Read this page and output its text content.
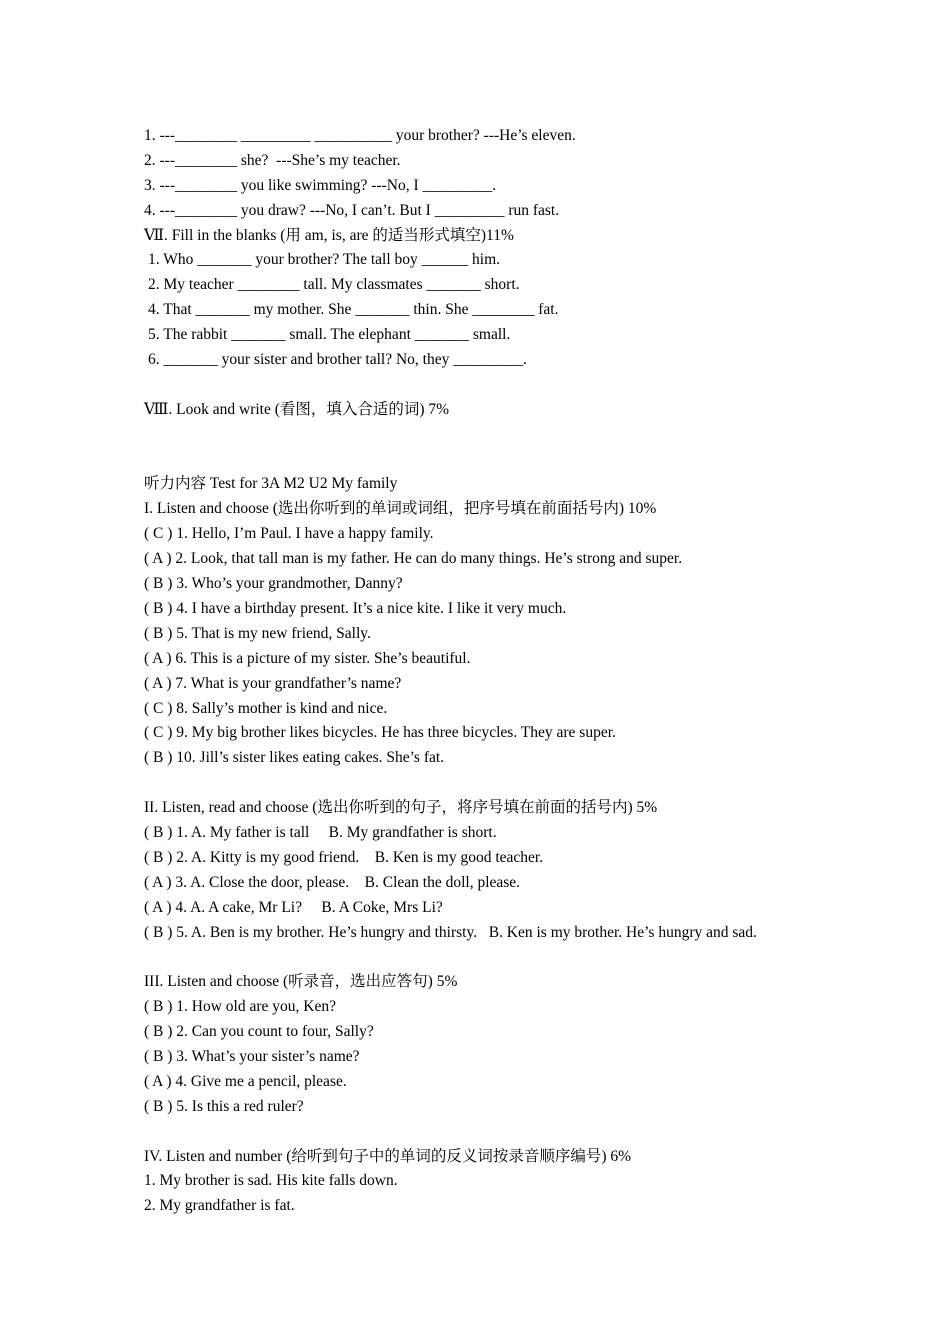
1. ---________ _________ __________ your brother? ---He’s eleven.
2. ---________ she?  ---She’s my teacher.
3. ---________ you like swimming? ---No, I _________.
4. ---________ you draw? ---No, I can’t. But I _________ run fast.
Ⅶ. Fill in the blanks (用 am, is, are 的适当形式填空)11%
1. Who _______ your brother? The tall boy ______ him.
2. My teacher ________ tall. My classmates _______ short.
4. That _______ my mother. She _______ thin. She ________ fat.
5. The rabbit _______ small. The elephant _______ small.
6. _______ your sister and brother tall? No, they _________.
Ⅷ. Look and write (看图，填入合适的词) 7%
听力内容 Test for 3A M2 U2 My family
I. Listen and choose (选出你听到的单词或词组，把序号填在前面括号内) 10%
( C ) 1. Hello, I’m Paul. I have a happy family.
( A ) 2. Look, that tall man is my father. He can do many things. He’s strong and super.
( B ) 3. Who’s your grandmother, Danny?
( B ) 4. I have a birthday present. It’s a nice kite. I like it very much.
( B ) 5. That is my new friend, Sally.
( A ) 6. This is a picture of my sister. She’s beautiful.
( A ) 7. What is your grandfather’s name?
( C ) 8. Sally’s mother is kind and nice.
( C ) 9. My big brother likes bicycles. He has three bicycles. They are super.
( B ) 10. Jill’s sister likes eating cakes. She’s fat.
II. Listen, read and choose (选出你听到的句子，将序号填在前面的括号内) 5%
( B ) 1. A. My father is tall     B. My grandfather is short.
( B ) 2. A. Kitty is my good friend.    B. Ken is my good teacher.
( A ) 3. A. Close the door, please.    B. Clean the doll, please.
( A ) 4. A. A cake, Mr Li?     B. A Coke, Mrs Li?
( B ) 5. A. Ben is my brother. He’s hungry and thirsty.   B. Ken is my brother. He’s hungry and sad.
III. Listen and choose (听录音，选出应答句) 5%
( B ) 1. How old are you, Ken?
( B ) 2. Can you count to four, Sally?
( B ) 3. What’s your sister’s name?
( A ) 4. Give me a pencil, please.
( B ) 5. Is this a red ruler?
IV. Listen and number (给听到句子中的单词的反义词按录音顺序编号) 6%
1. My brother is sad. His kite falls down.
2. My grandfather is fat.
